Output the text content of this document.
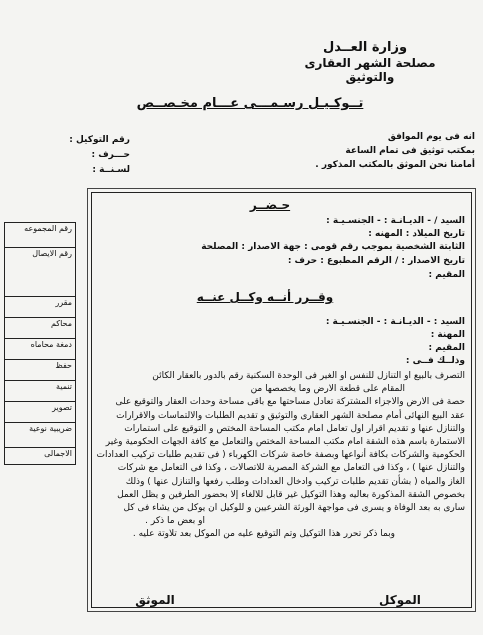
وزارة العــدل
مصلحة الشهر العقارى والتوثيق
تــوكـيـل رسـمـــى عـــام مخـصــص
رقم التوكيل :
حـــرف :
لسـنــة :
انه فى يوم الموافق
بمكتب توثيق فى تمام الساعة
أمامنا نحن الموثق بالمكتب المذكور .
حـضــر
السيد / - الديـانـة : - الجنسـيـة :
تاريخ الميلاد : المهنه :
الثابتة الشخصية بموجب رقم قومى : جهة الاصدار : المصلحة
تاريخ الاصدار : / الرقم المطبوع : حرف :
المقيم :
وقــرر أنــه وكــل عنــه
السيد : - الديـانـة : - الجنسـيـة :
المهنة :
المقيم :
وذلــك فــى :

التصرف بالبيع او التنازل للنفس او الغير فى الوحدة السكنية رقم بالدور بالعقار الكائن

المقام على قطعة الارض وما يخصصها من

حصة فى الارض والاجزاء المشتركة تعادل مساحتها مع باقى مساحة وحدات العقار والتوقيع على

عقد البيع النهائى أمام مصلحة الشهر العقارى والتوثيق و تقديم الطلبات والالتماسات والاقرارات

والتنازل عنها و تقديم اقرار اول تعامل امام مكتب المساحة المختص و التوقيع على استمارات

الاستمارة باسم هذه الشقة امام مكتب المساحة المختص والتعامل مع كافة الجهات الحكومية وغير

الحكومية والشركات بكافة أنواعها وبصفة خاصة شركات الكهرباء ( فى تقديم طلبات تركيب العدادات

والتنازل عنها ) ، وكذا فى التعامل مع الشركة المصرية للاتصالات ، وكذا فى التعامل مع شركات

الغاز والمياه ( بشأن تقديم طلبات تركيب وادخال العدادات وطلب رفعها والتنازل عنها ) وذلك

بخصوص الشقة المذكورة بعاليه وهذا التوكيل غير قابل للالغاء إلا بحضور الطرفين و يظل العمل

سارى به بعد الوفاة و يسرى فى مواجهة الورثة الشرعيين و للوكيل ان يوكل من يشاء فى كل

او بعض ما ذكر .

وبما ذكر تحرر هذا التوكيل وتم التوقيع عليه من الموكل بعد تلاوتة عليه .

الموكل
الموثق
رقم المجموعه
رقم الايصال
مقرر
محاكم
دمغة محاماه
حفظ
تنمية
تصوير
ضريبية نوعية
الاجمالى
